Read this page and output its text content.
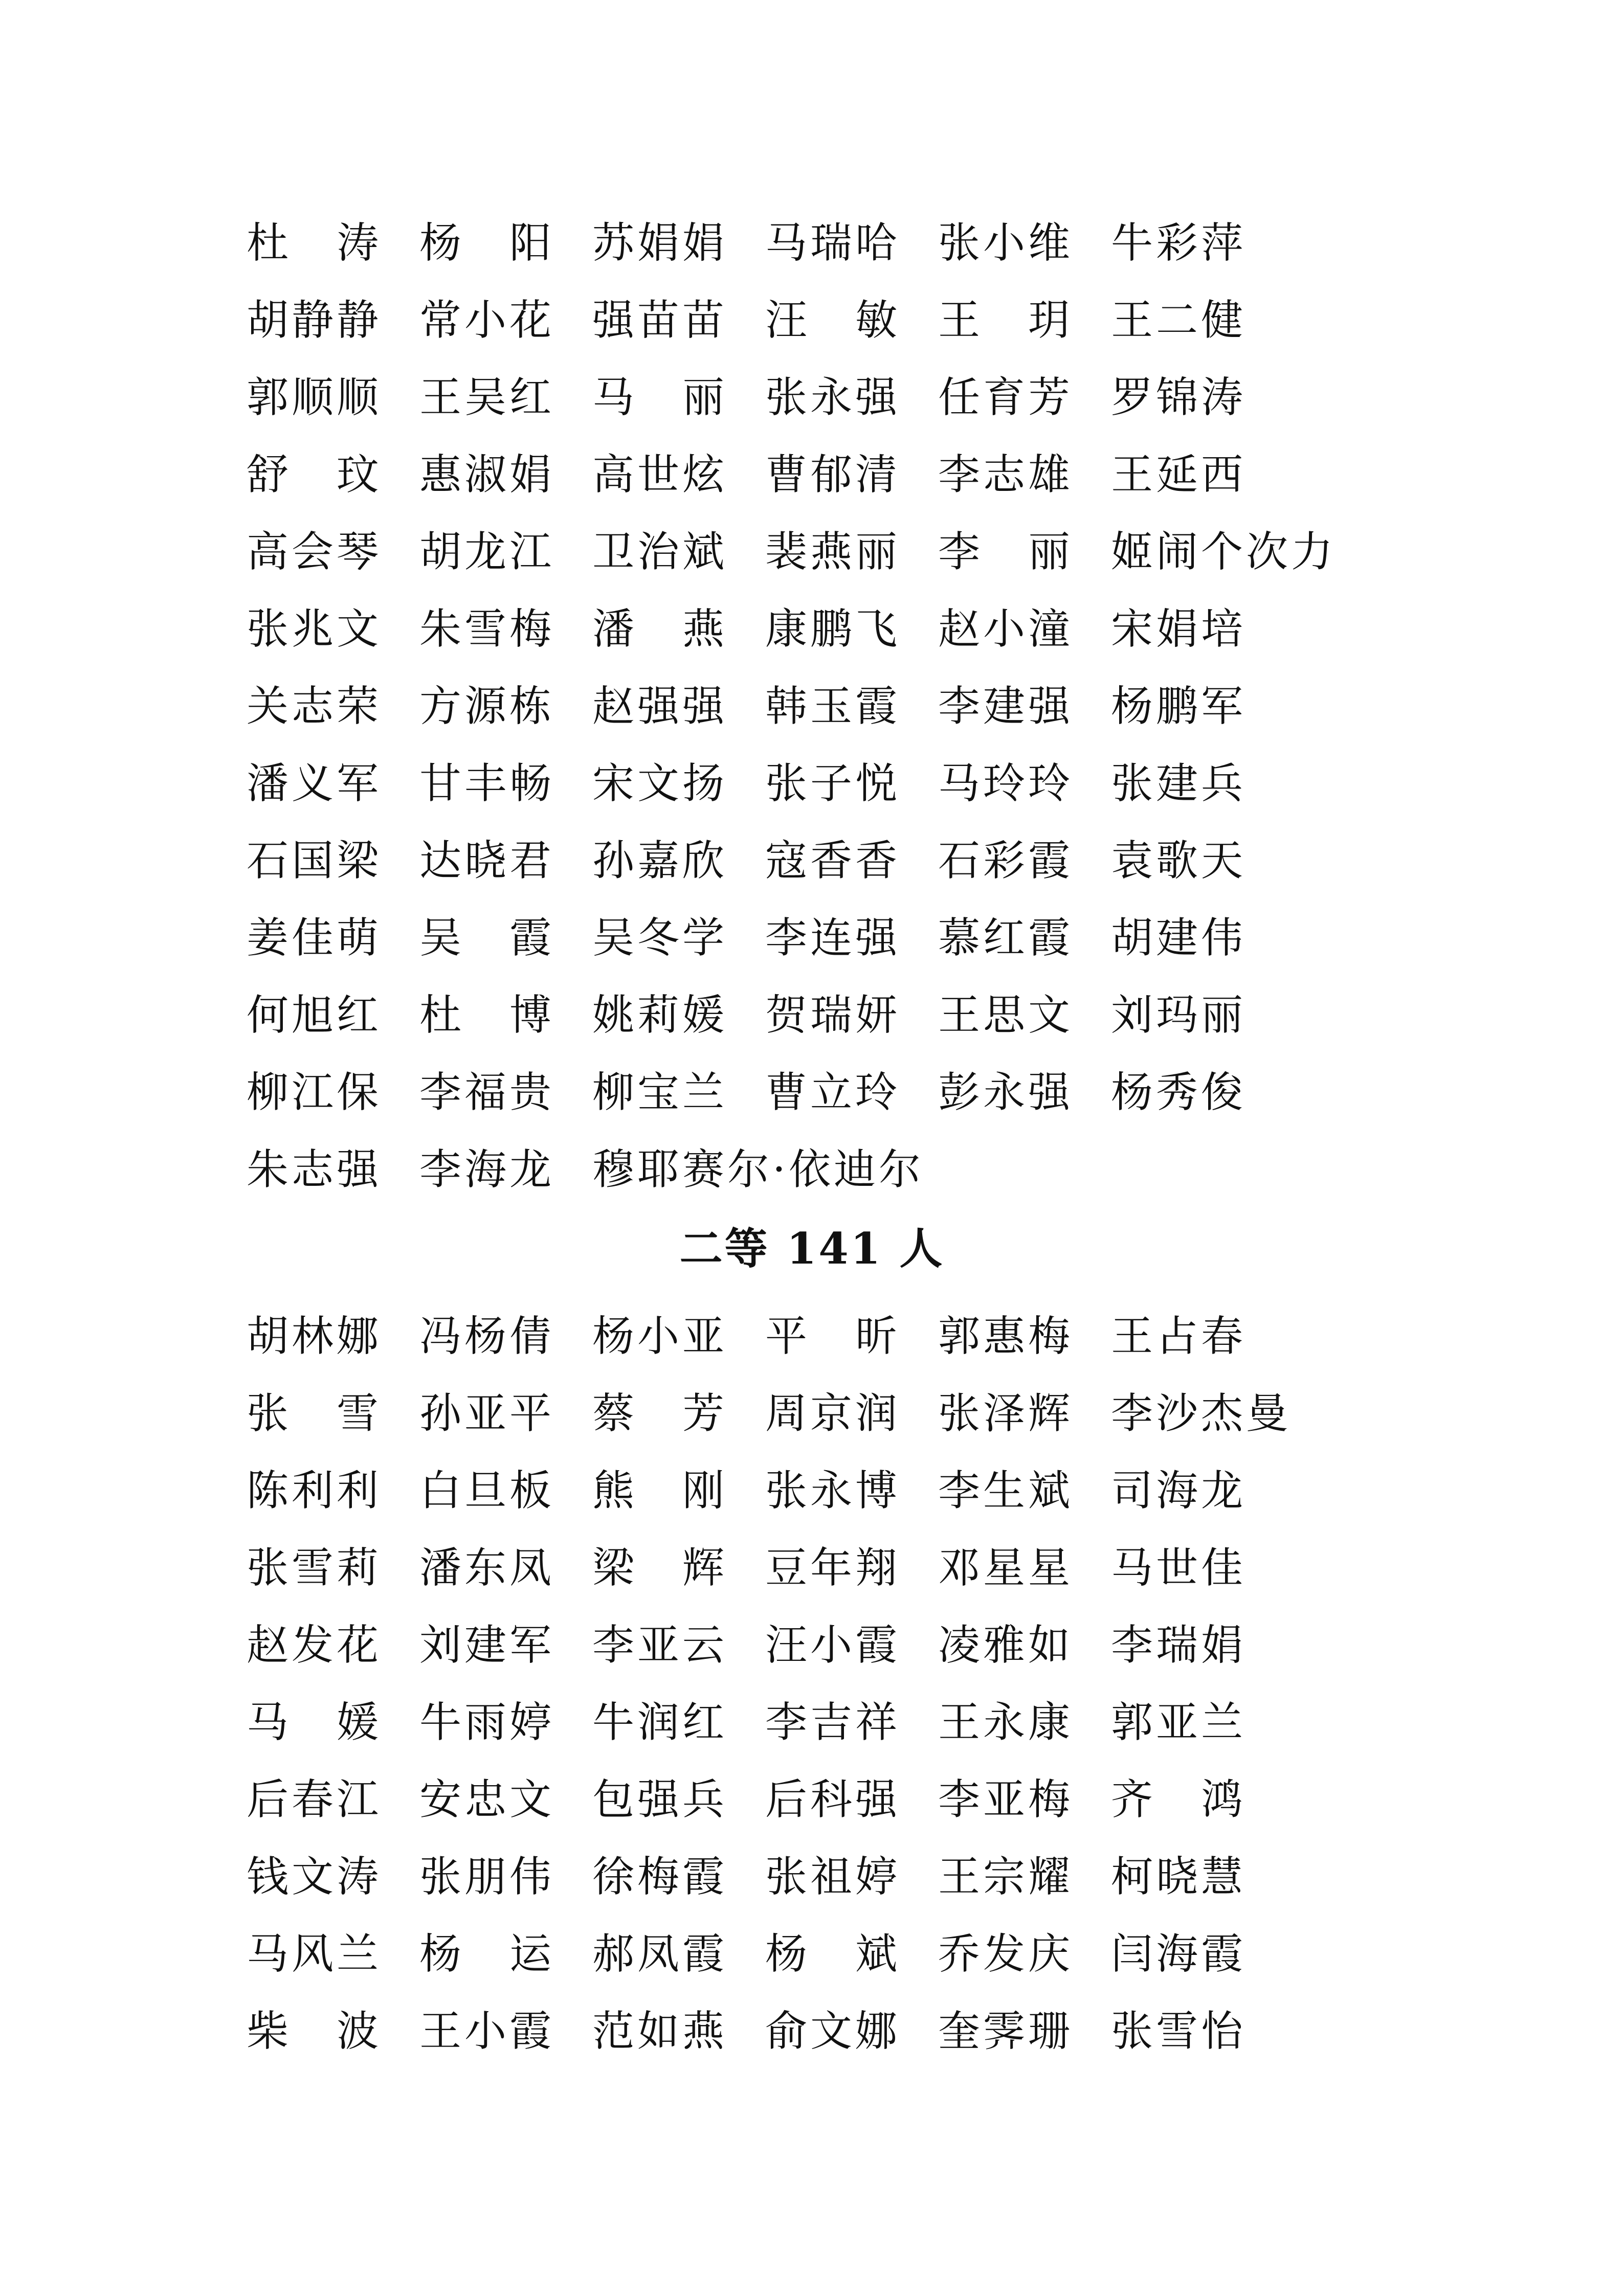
杜　涛 杨　阳 苏娟娟 马瑞哈 张小维 牛彩萍
胡静静 常小花 强苗苗 汪　敏 王　玥 王二健
郭顺顺 王吴红 马　丽 张永强 任育芳 罗锦涛
舒　玟 惠淑娟 高世炫 曹郁清 李志雄 王延西
高会琴 胡龙江 卫治斌 裴燕丽 李　丽 姬闹个次力
张兆文 朱雪梅 潘　燕 康鹏飞 赵小潼 宋娟培
关志荣 方源栋 赵强强 韩玉霞 李建强 杨鹏军
潘义军 甘丰畅 宋文扬 张子悦 马玲玲 张建兵
石国梁 达晓君 孙嘉欣 寇香香 石彩霞 袁歌天
姜佳萌 吴　霞 吴冬学 李连强 慕红霞 胡建伟
何旭红 杜　博 姚莉媛 贺瑞妍 王思文 刘玛丽
柳江保 李福贵 柳宝兰 曹立玲 彭永强 杨秀俊
朱志强 李海龙 穆耶赛尔·依迪尔
二等 141 人
胡林娜 冯杨倩 杨小亚 平　昕 郭惠梅 王占春
张　雪 孙亚平 蔡　芳 周京润 张泽辉 李沙杰曼
陈利利 白旦板 熊　刚 张永博 李生斌 司海龙
张雪莉 潘东凤 梁　辉 豆年翔 邓星星 马世佳
赵发花 刘建军 李亚云 汪小霞 凌雅如 李瑞娟
马　媛 牛雨婷 牛润红 李吉祥 王永康 郭亚兰
后春江 安忠文 包强兵 后科强 李亚梅 齐　鸿
钱文涛 张朋伟 徐梅霞 张祖婷 王宗耀 柯晓慧
马风兰 杨　运 郝凤霞 杨　斌 乔发庆 闫海霞
柴　波 王小霞 范如燕 俞文娜 奎霁珊 张雪怡
